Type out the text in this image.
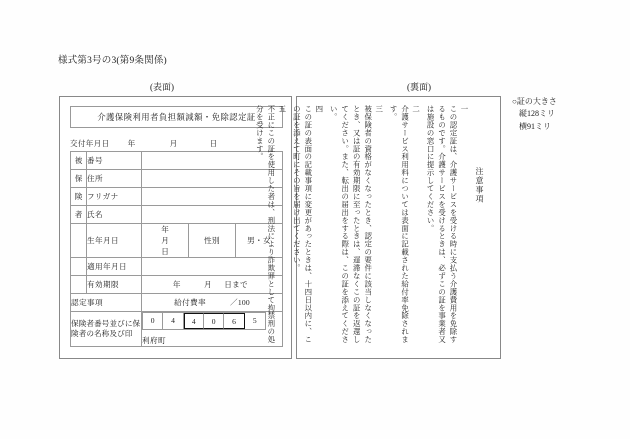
様式第3号の3(第9条関係)
(表面)	(裏面)
介護保険利用者負担額減額・免除認定証
交付年月日	年	月	日
被	番号			
保	住所			
険	フリガナ			
者	氏名			
	生年月日	年 月 日	性別	男・女
	適用年月日			
	有効期限	年 月 日まで		
認定事項		給付費率 ／100		
保険者番号並びに保険者の名称及び印	
0	4	4	0	6	5
利府町
注意事項
一
この認定証は、介護サービスを受ける時に支払う介護費用を免除するものです。介護サービスを受けるときは、必ずこの証を事業者又は施設の窓口に提示してください。
二
介護サービス利用料については表面に記載された給付率免除されます。
三
被保険者の資格がなくなったとき、認定の要件に該当しなくなったとき、又は証の有効期限に至ったときは、遅滞なくこの証を返還してください。また、転出の届出をする際は、この証を添えてください。
四
この証の表面の記載事項に変更があったときは、十四日以内に、この証を添えて町にその旨を届け出てください。
五
不正にこの証を使用した者は、刑法により詐欺罪として拘禁刑の処分を受けます。
○証の大きさ
縦128ミリ
横91ミリ
